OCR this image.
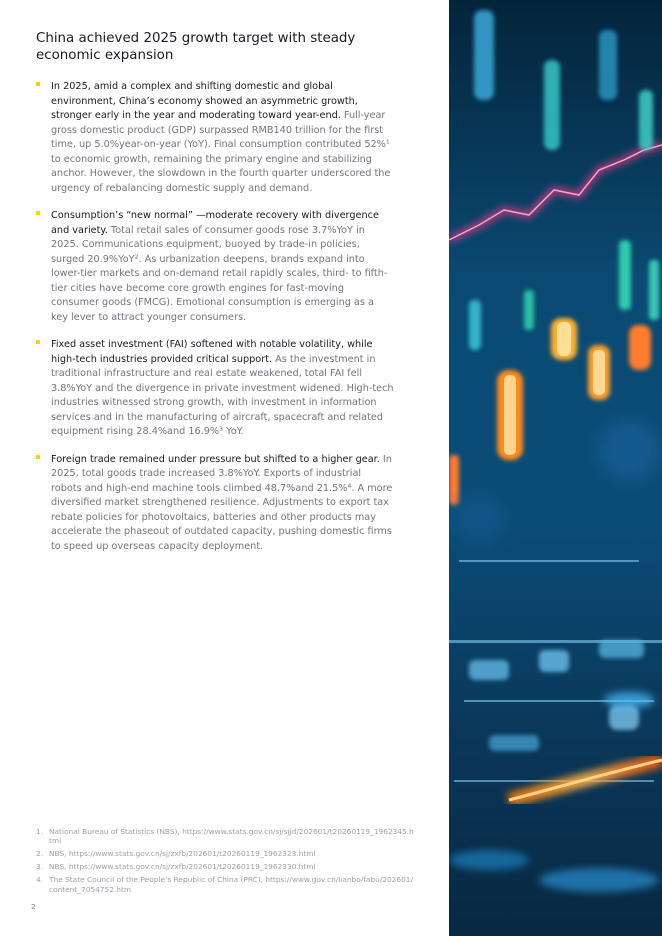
China achieved 2025 growth target with steady economic expansion
In 2025, amid a complex and shifting domestic and global environment, China’s economy showed an asymmetric growth, stronger early in the year and moderating toward year-end. Full-year gross domestic product (GDP) surpassed RMB140 trillion for the first time, up 5.0%year-on-year (YoY). Final consumption contributed 52%¹ to economic growth, remaining the primary engine and stabilizing anchor. However, the slowdown in the fourth quarter underscored the urgency of rebalancing domestic supply and demand.
Consumption’s “new normal” —moderate recovery with divergence and variety. Total retail sales of consumer goods rose 3.7%YoY in 2025. Communications equipment, buoyed by trade-in policies, surged 20.9%YoY². As urbanization deepens, brands expand into lower-tier markets and on-demand retail rapidly scales, third- to fifth-tier cities have become core growth engines for fast-moving consumer goods (FMCG). Emotional consumption is emerging as a key lever to attract younger consumers.
Fixed asset investment (FAI) softened with notable volatility, while high-tech industries provided critical support. As the investment in traditional infrastructure and real estate weakened, total FAI fell 3.8%YoY and the divergence in private investment widened. High-tech industries witnessed strong growth, with investment in information services and in the manufacturing of aircraft, spacecraft and related equipment rising 28.4%and 16.9%³ YoY.
Foreign trade remained under pressure but shifted to a higher gear. In 2025, total goods trade increased 3.8%YoY. Exports of industrial robots and high-end machine tools climbed 48.7%and 21.5%⁴. A more diversified market strengthened resilience. Adjustments to export tax rebate policies for photovoltaics, batteries and other products may accelerate the phaseout of outdated capacity, pushing domestic firms to speed up overseas capacity deployment.
1. National Bureau of Statistics (NBS), https://www.stats.gov.cn/sj/sjjd/202601/t20260119_1962345.html
2. NBS, https://www.stats.gov.cn/sj/zxfb/202601/t20260119_1962323.html
3. NBS, https://www.stats.gov.cn/sj/zxfb/202601/t20260119_1962330.html
4. The State Council of the People’s Republic of China (PRC), https://www.gov.cn/lianbo/fabu/202601/content_7054752.htm
2
